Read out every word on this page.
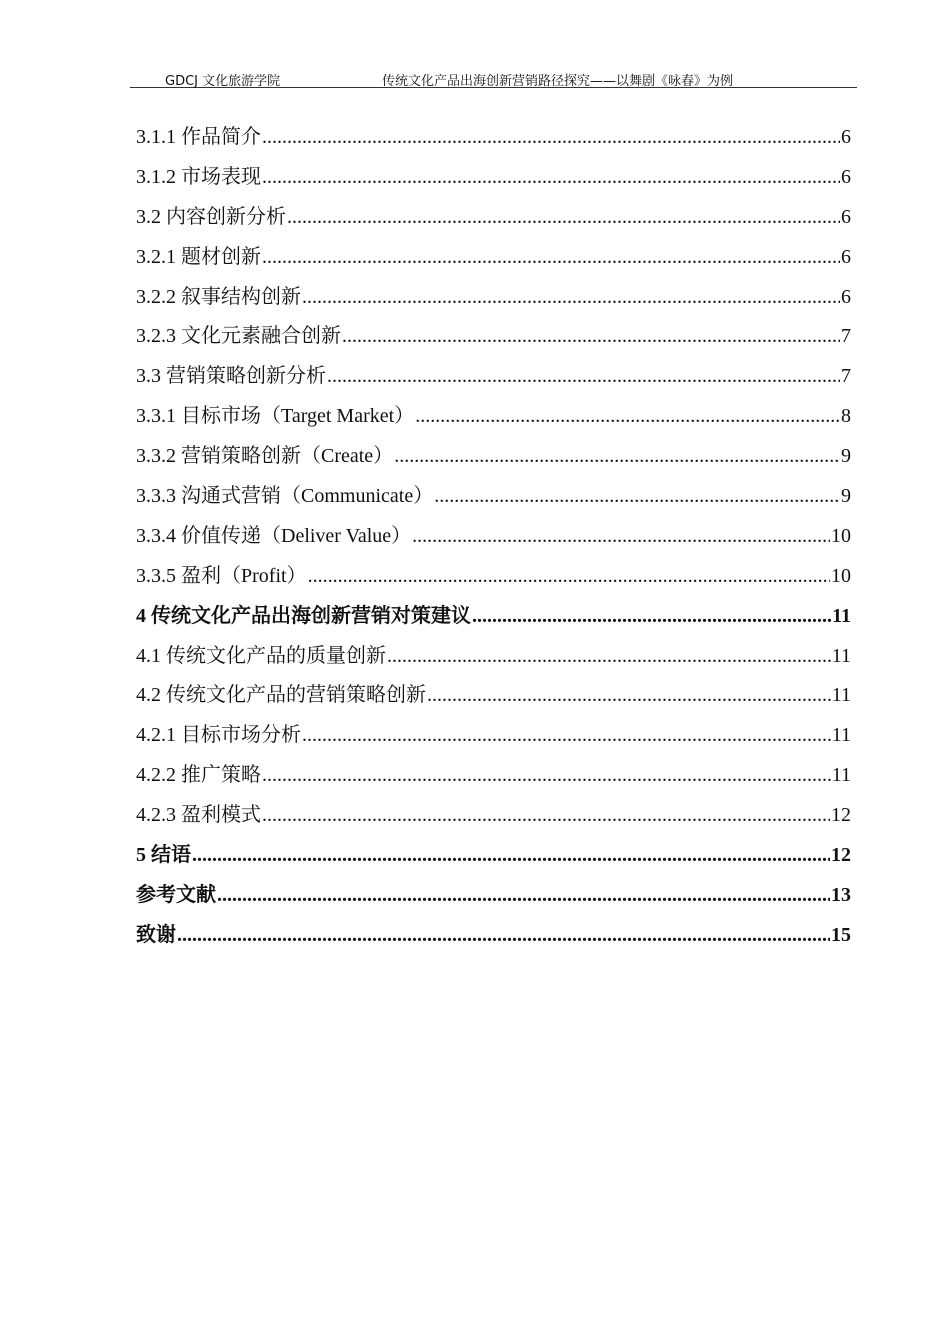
GDCJ 文化旅游学院	传统文化产品出海创新营销路径探究——以舞剧《咏春》为例
3.1.1 作品简介 .....	6
3.1.2 市场表现 .....	6
3.2 内容创新分析 .....	6
3.2.1 题材创新 .....	6
3.2.2 叙事结构创新 .....	6
3.2.3 文化元素融合创新 .....	7
3.3 营销策略创新分析 .....	7
3.3.1 目标市场（Target Market） .....	8
3.3.2 营销策略创新（Create） .....	9
3.3.3 沟通式营销（Communicate） .....	9
3.3.4 价值传递（Deliver Value） .....	10
3.3.5 盈利（Profit） .....	10
4 传统文化产品出海创新营销对策建议 .....	11
4.1 传统文化产品的质量创新 .....	11
4.2 传统文化产品的营销策略创新 .....	11
4.2.1 目标市场分析 .....	11
4.2.2 推广策略 .....	11
4.2.3 盈利模式 .....	12
5 结语 .....	12
参考文献 .....	13
致谢 .....	15
